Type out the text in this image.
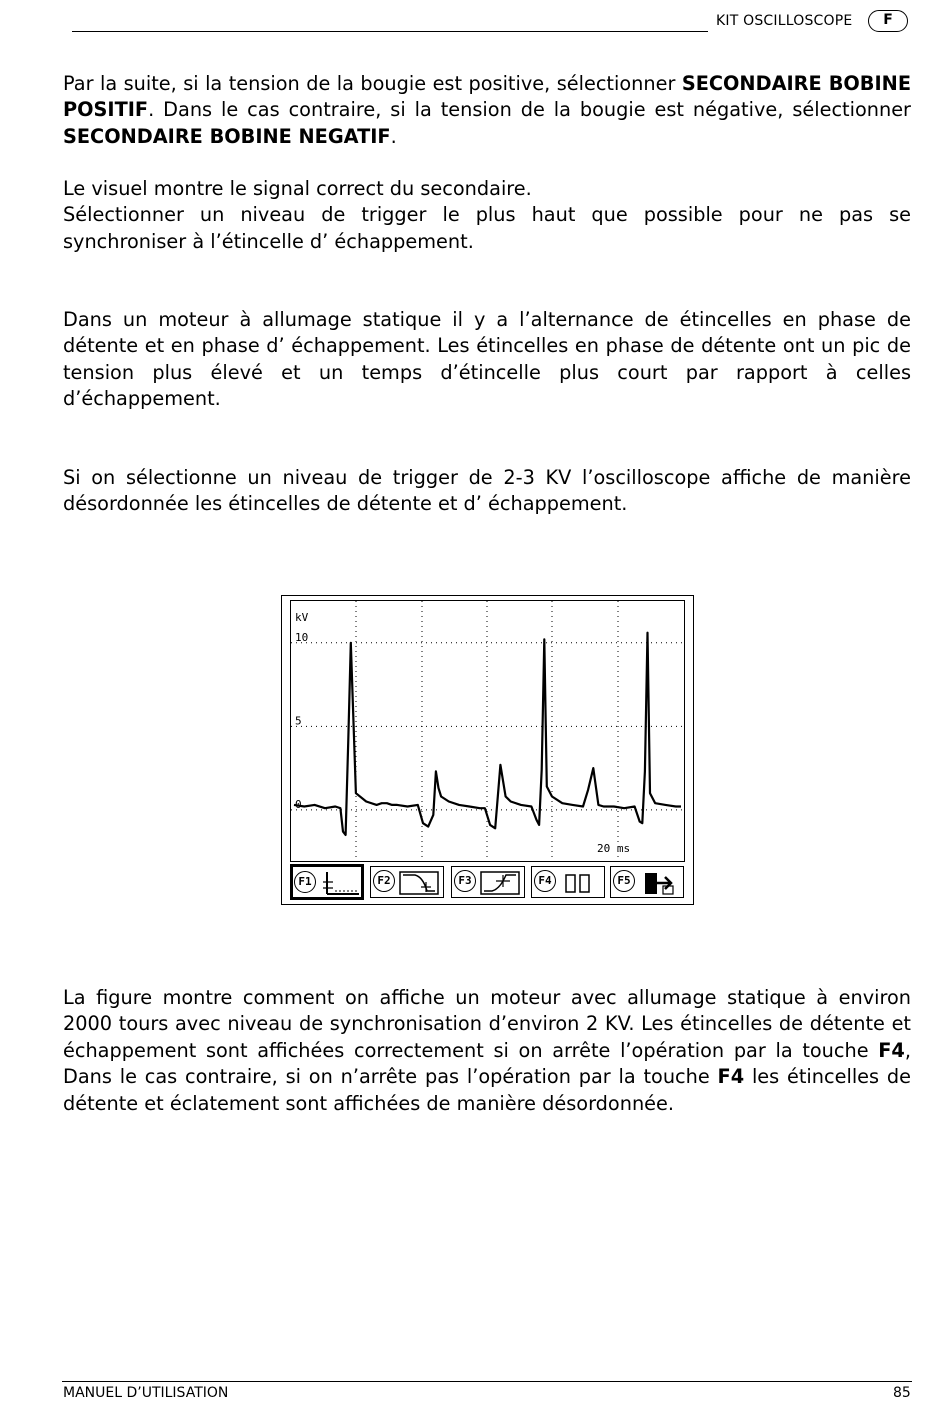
KIT OSCILLOSCOPE	F

Par la suite, si la tension de la bougie est positive, sélectionner SECONDAIRE BOBINE POSITIF. Dans le cas contraire, si la tension de la bougie est négative, sélectionner SECONDAIRE BOBINE NEGATIF.

Le visuel montre le signal correct du secondaire.
Sélectionner un niveau de trigger le plus haut que possible pour ne pas se synchroniser à l’étincelle d’ échappement.

Dans un moteur à allumage statique il y a l’alternance de étincelles en phase de détente et en phase d’ échappement. Les étincelles en phase de détente ont un pic de tension plus élevé et un temps d’étincelle plus court par rapport à celles d’échappement.

Si on sélectionne un niveau de trigger de 2-3 KV l’oscilloscope affiche de manière désordonnée les étincelles de détente et d’ échappement.

kV
10
5
0
20 ms
F1	F2	F3	F4	F5

La figure montre comment on affiche un moteur avec allumage statique à environ 2000 tours avec niveau de synchronisation d’environ 2 KV. Les étincelles de détente et échappement sont affichées correctement si on arrête l’opération par la touche F4, Dans le cas contraire, si on n’arrête pas l’opération par la touche F4 les étincelles de détente et éclatement sont affichées de manière désordonnée.

MANUEL D’UTILISATION	85
